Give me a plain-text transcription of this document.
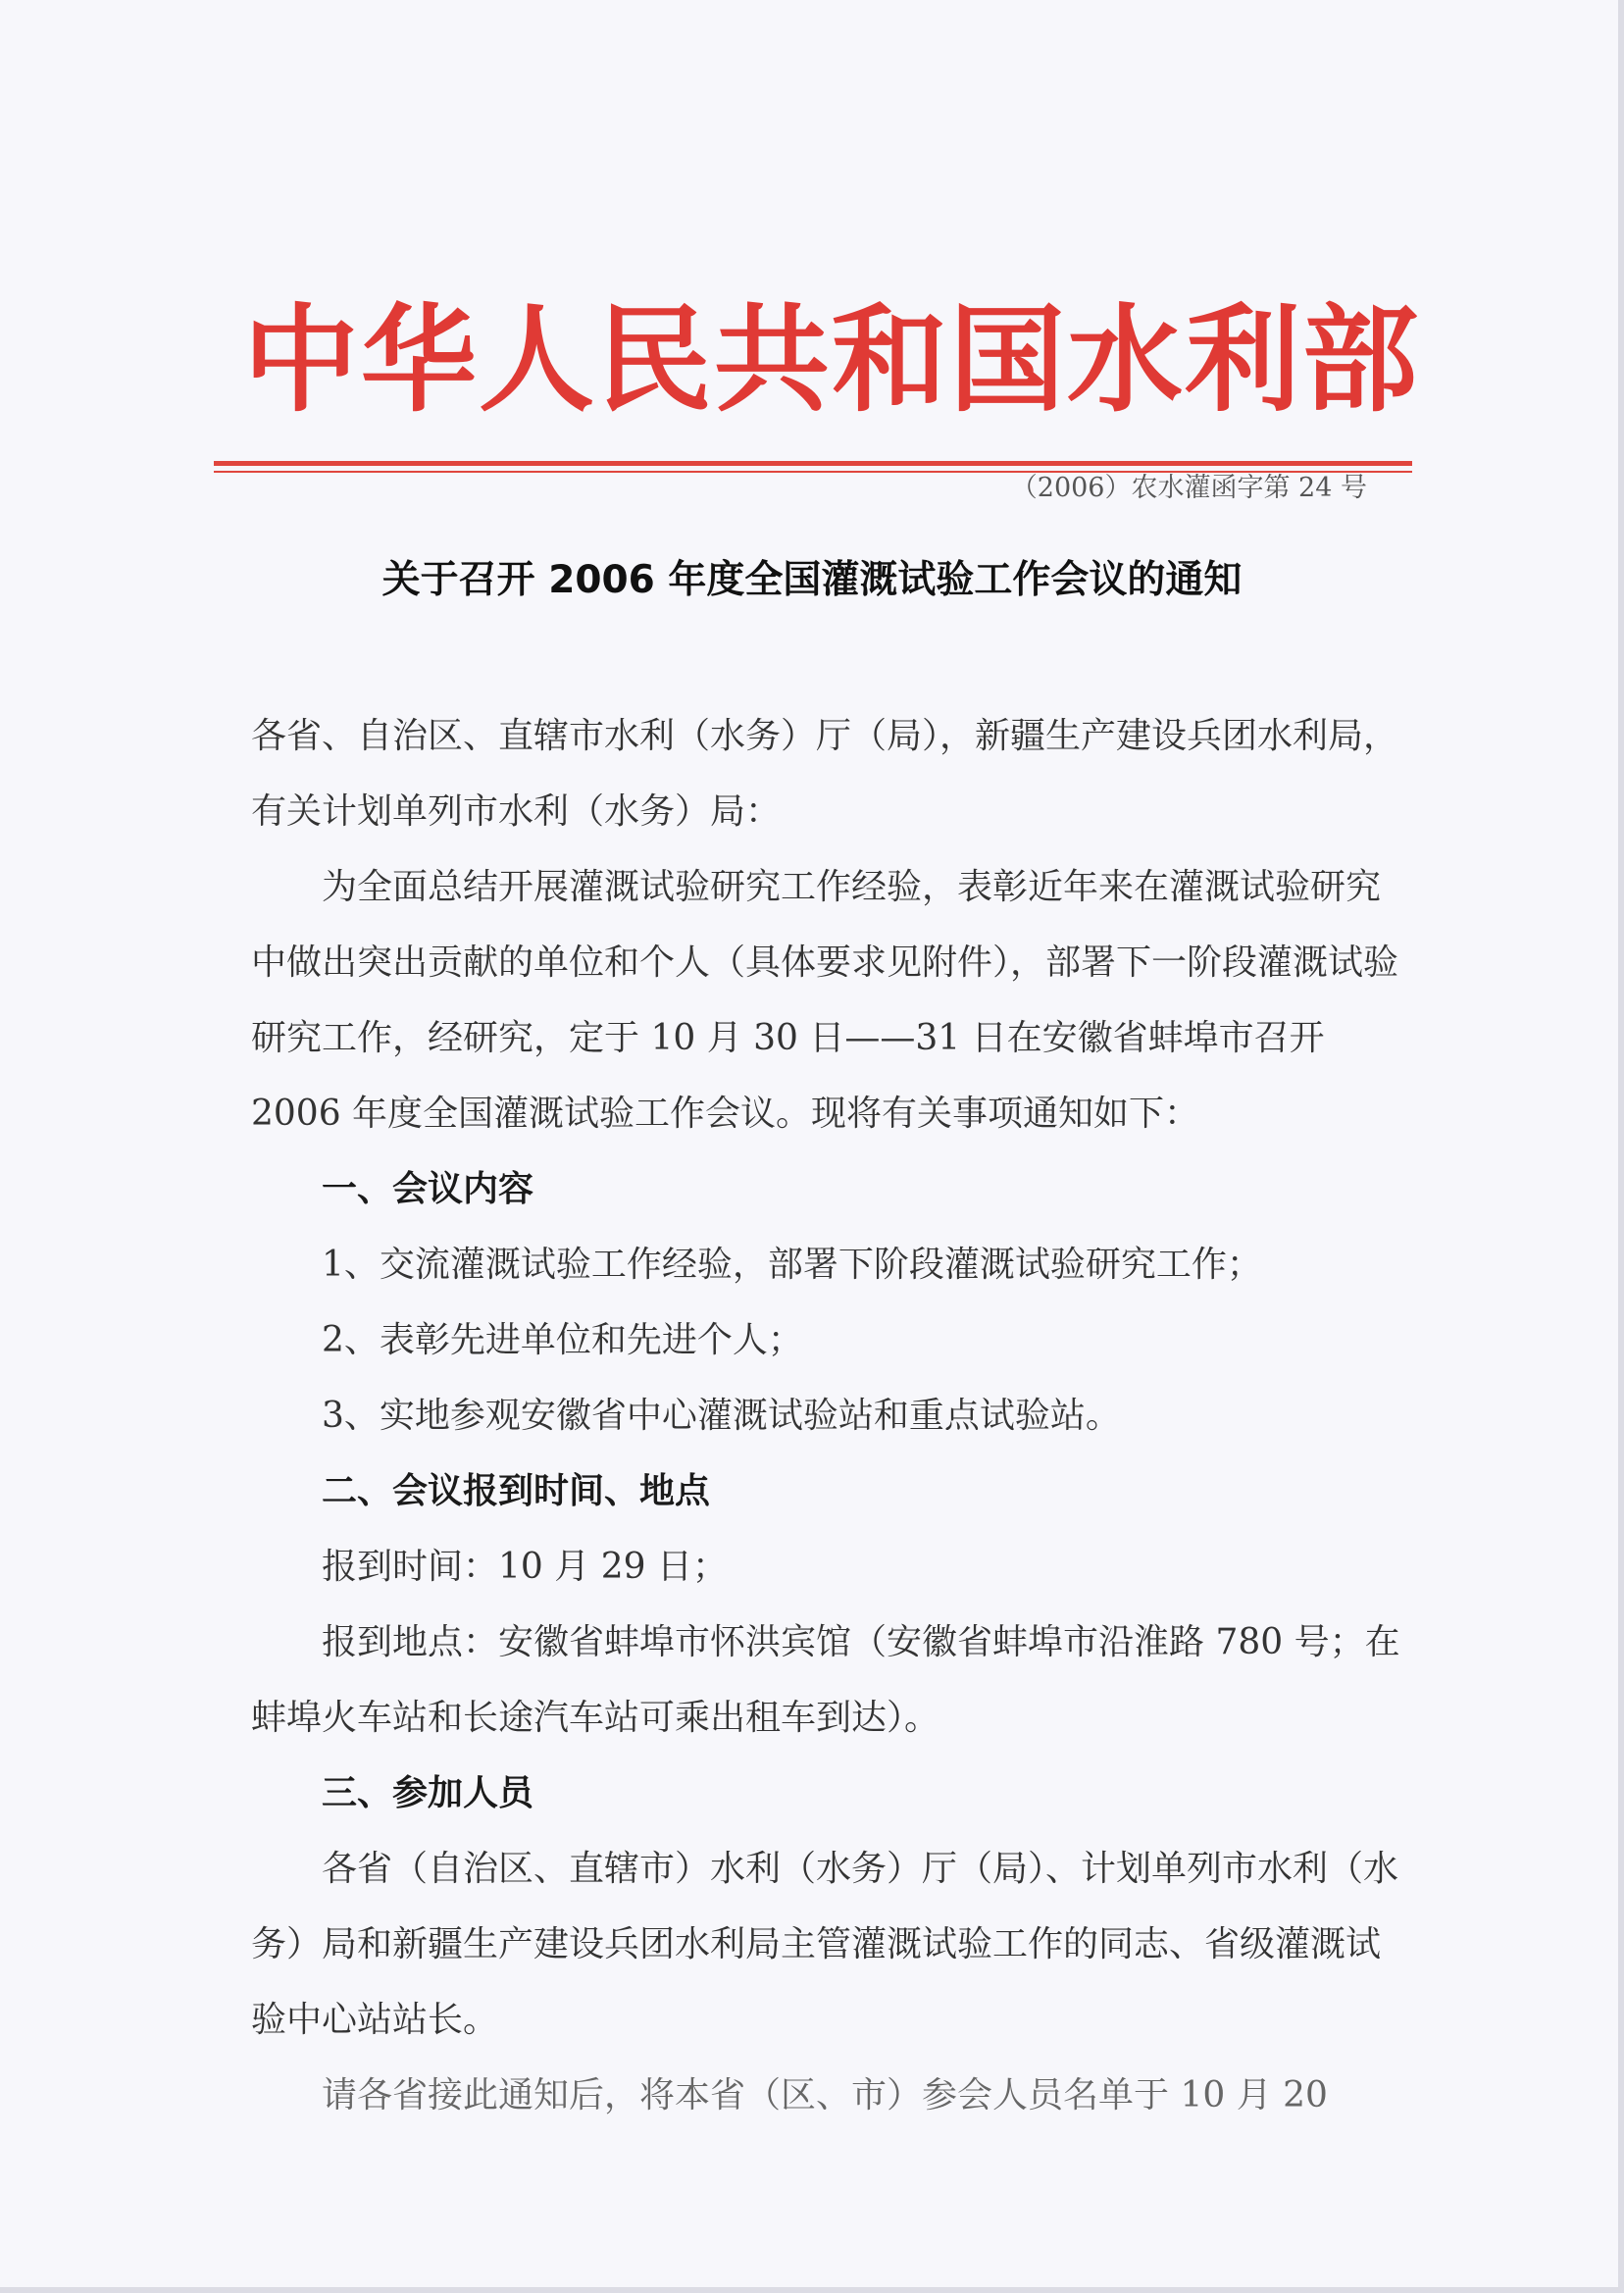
中华人民共和国水利部
（2006）农水灌函字第 24 号
关于召开 2006 年度全国灌溉试验工作会议的通知

各省、自治区、直辖市水利（水务）厅（局），新疆生产建设兵团水利局，有关计划单列市水利（水务）局：

为全面总结开展灌溉试验研究工作经验，表彰近年来在灌溉试验研究中做出突出贡献的单位和个人（具体要求见附件），部署下一阶段灌溉试验研究工作，经研究，定于 10 月 30 日——31 日在安徽省蚌埠市召开 2006 年度全国灌溉试验工作会议。现将有关事项通知如下：

一、会议内容

1、交流灌溉试验工作经验，部署下阶段灌溉试验研究工作；

2、表彰先进单位和先进个人；

3、实地参观安徽省中心灌溉试验站和重点试验站。

二、会议报到时间、地点

报到时间：10 月 29 日；

报到地点：安徽省蚌埠市怀洪宾馆（安徽省蚌埠市沿淮路 780 号；在蚌埠火车站和长途汽车站可乘出租车到达）。

三、参加人员

各省（自治区、直辖市）水利（水务）厅（局）、计划单列市水利（水务）局和新疆生产建设兵团水利局主管灌溉试验工作的同志、省级灌溉试验中心站站长。

请各省接此通知后，将本省（区、市）参会人员名单于 10 月 20
